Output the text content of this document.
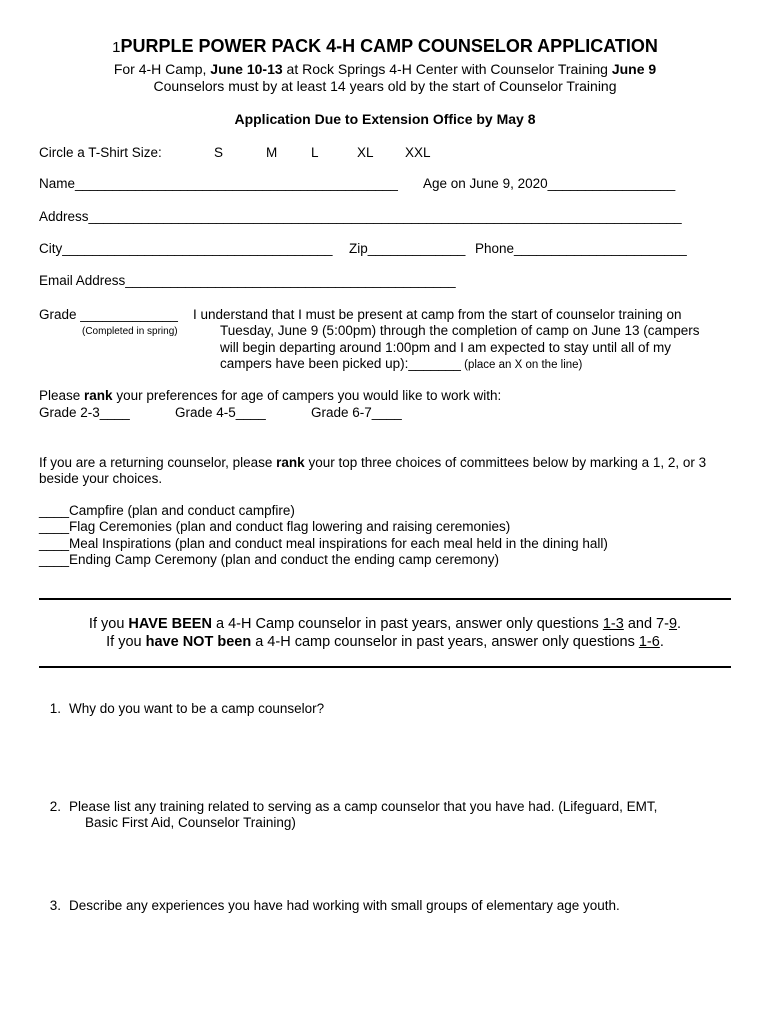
1PURPLE POWER PACK 4-H CAMP COUNSELOR APPLICATION
For 4-H Camp, June 10-13 at Rock Springs 4-H Center with Counselor Training June 9
Counselors must by at least 14 years old by the start of Counselor Training
Application Due to Extension Office by May 8
Circle a T-Shirt Size:	S	M	L	XL XXL
Name___________________________________________ Age on June 9, 2020_________________
Address_______________________________________________________________________________
City____________________________________ Zip_____________ Phone_______________________
Email Address____________________________________________
Grade _____________
(Completed in spring)
I understand that I must be present at camp from the start of counselor training on
Tuesday, June 9 (5:00pm) through the completion of camp on June 13 (campers
will begin departing around 1:00pm and I am expected to stay until all of my
campers have been picked up):_______ (place an X on the line)
Please rank your preferences for age of campers you would like to work with:
Grade 2-3____	Grade 4-5____	Grade 6-7____
If you are a returning counselor, please rank your top three choices of committees below by marking a 1, 2, or 3
beside your choices.
____Campfire (plan and conduct campfire)
____Flag Ceremonies (plan and conduct flag lowering and raising ceremonies)
____Meal Inspirations (plan and conduct meal inspirations for each meal held in the dining hall)
____Ending Camp Ceremony (plan and conduct the ending camp ceremony)
If you HAVE BEEN a 4-H Camp counselor in past years, answer only questions 1-3 and 7-9.
If you have NOT been a 4-H camp counselor in past years, answer only questions 1-6.
1. Why do you want to be a camp counselor?
2. Please list any training related to serving as a camp counselor that you have had. (Lifeguard, EMT,
Basic First Aid, Counselor Training)
3. Describe any experiences you have had working with small groups of elementary age youth.
